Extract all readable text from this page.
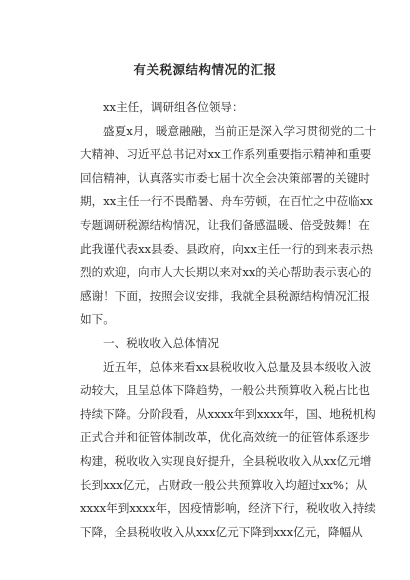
有关税源结构情况的汇报
xx主任，调研组各位领导：
盛夏x月，暖意融融，当前正是深入学习贯彻党的二十
大精神、习近平总书记对xx工作系列重要指示精神和重要
回信精神，认真落实市委七届十次全会决策部署的关键时
期，xx主任一行不畏酷暑、舟车劳顿，在百忙之中莅临xx
专题调研税源结构情况，让我们备感温暖、倍受鼓舞！在
此我谨代表xx县委、县政府，向xx主任一行的到来表示热
烈的欢迎，向市人大长期以来对xx的关心帮助表示衷心的
感谢！下面，按照会议安排，我就全县税源结构情况汇报
如下。
一、税收收入总体情况
近五年，总体来看xx县税收收入总量及县本级收入波
动较大，且呈总体下降趋势，一般公共预算收入税占比也
持续下降。分阶段看，从xxxx年到xxxx年，国、地税机构
正式合并和征管体制改革，优化高效统一的征管体系逐步
构建，税收收入实现良好提升，全县税收收入从xx亿元增
长到xxx亿元，占财政一般公共预算收入均超过xx%；从
xxxx年到xxxx年，因疫情影响，经济下行，税收收入持续
下降，全县税收收入从xxx亿元下降到xxx亿元，降幅从
